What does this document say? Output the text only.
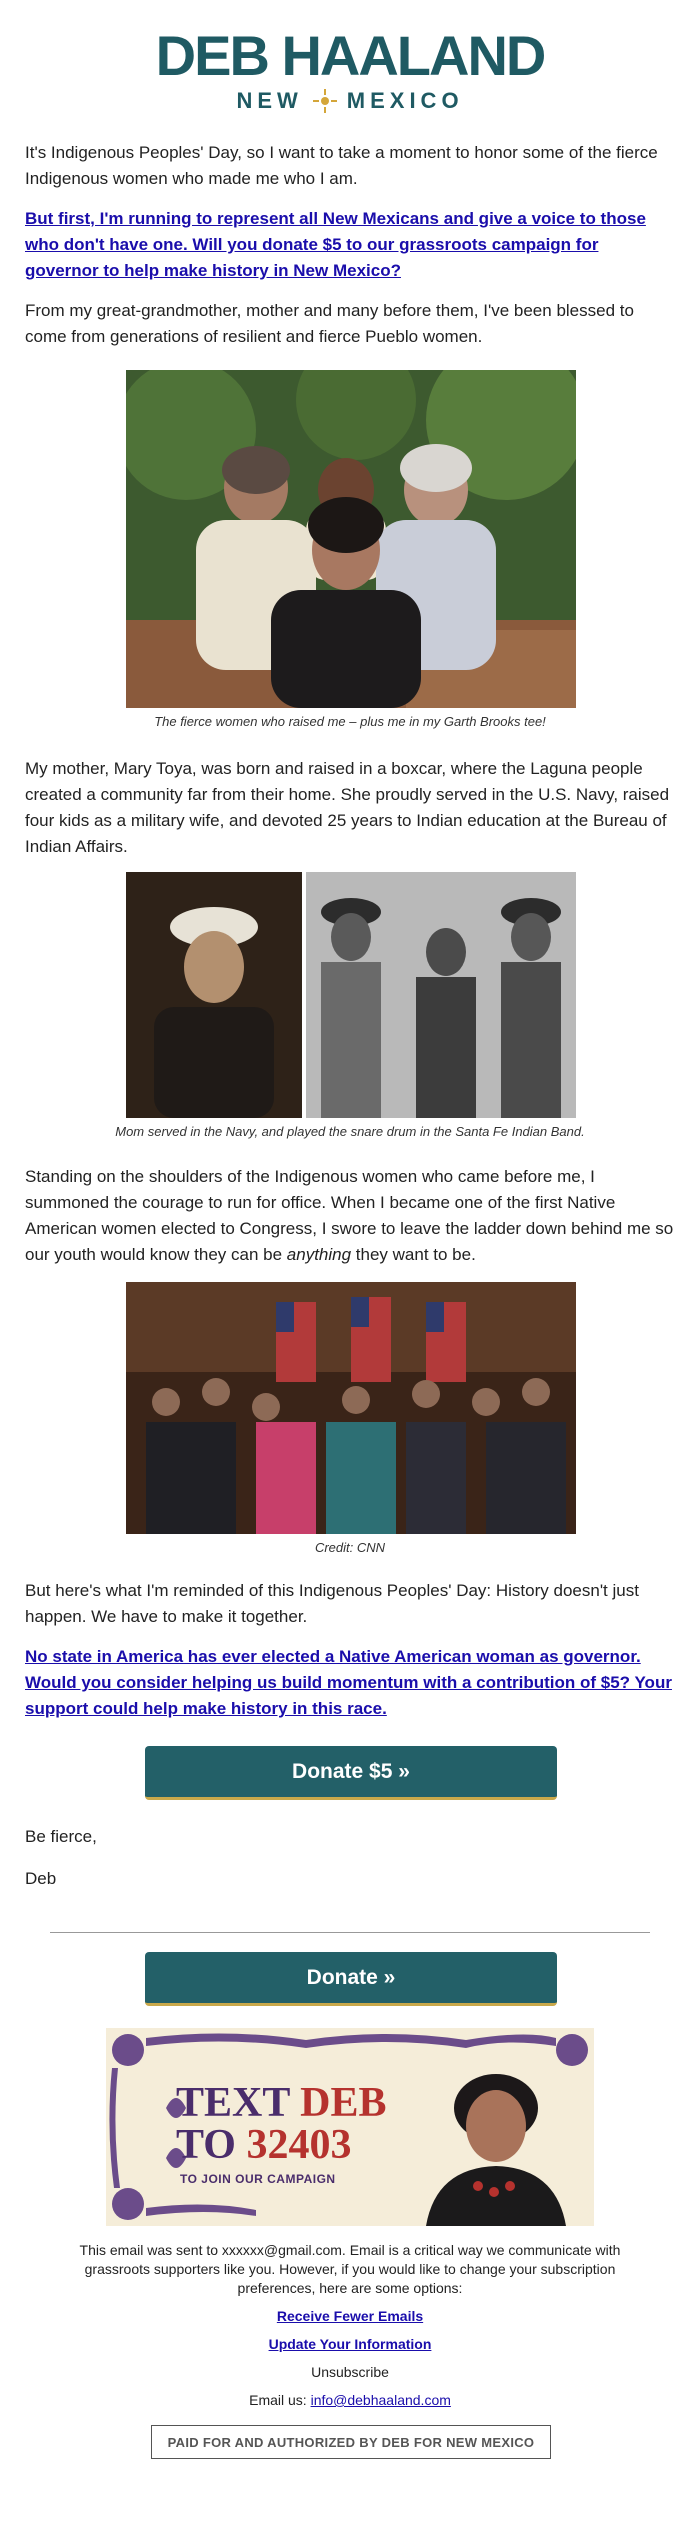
DEB HAALAND
NEW MEXICO

It's Indigenous Peoples' Day, so I want to take a moment to honor some of the fierce Indigenous women who made me who I am.

But first, I'm running to represent all New Mexicans and give a voice to those who don't have one. Will you donate $5 to our grassroots campaign for governor to help make history in New Mexico?

From my great-grandmother, mother and many before them, I've been blessed to come from generations of resilient and fierce Pueblo women.

The fierce women who raised me – plus me in my Garth Brooks tee!

My mother, Mary Toya, was born and raised in a boxcar, where the Laguna people created a community far from their home. She proudly served in the U.S. Navy, raised four kids as a military wife, and devoted 25 years to Indian education at the Bureau of Indian Affairs.

Mom served in the Navy, and played the snare drum in the Santa Fe Indian Band.

Standing on the shoulders of the Indigenous women who came before me, I summoned the courage to run for office. When I became one of the first Native American women elected to Congress, I swore to leave the ladder down behind me so our youth would know they can be anything they want to be.

Credit: CNN

But here's what I'm reminded of this Indigenous Peoples' Day: History doesn't just happen. We have to make it together.

No state in America has ever elected a Native American woman as governor. Would you consider helping us build momentum with a contribution of $5? Your support could help make history in this race.
Donate $5 »

Be fierce,

Deb

Donate »
TEXT DEB
TO 32403
TO JOIN OUR CAMPAIGN
This email was sent to xxxxxx@gmail.com. Email is a critical way we communicate with grassroots supporters like you. However, if you would like to change your subscription preferences, here are some options:
Receive Fewer Emails
Update Your Information
Unsubscribe
Email us: info@debhaaland.com
PAID FOR AND AUTHORIZED BY DEB FOR NEW MEXICO
